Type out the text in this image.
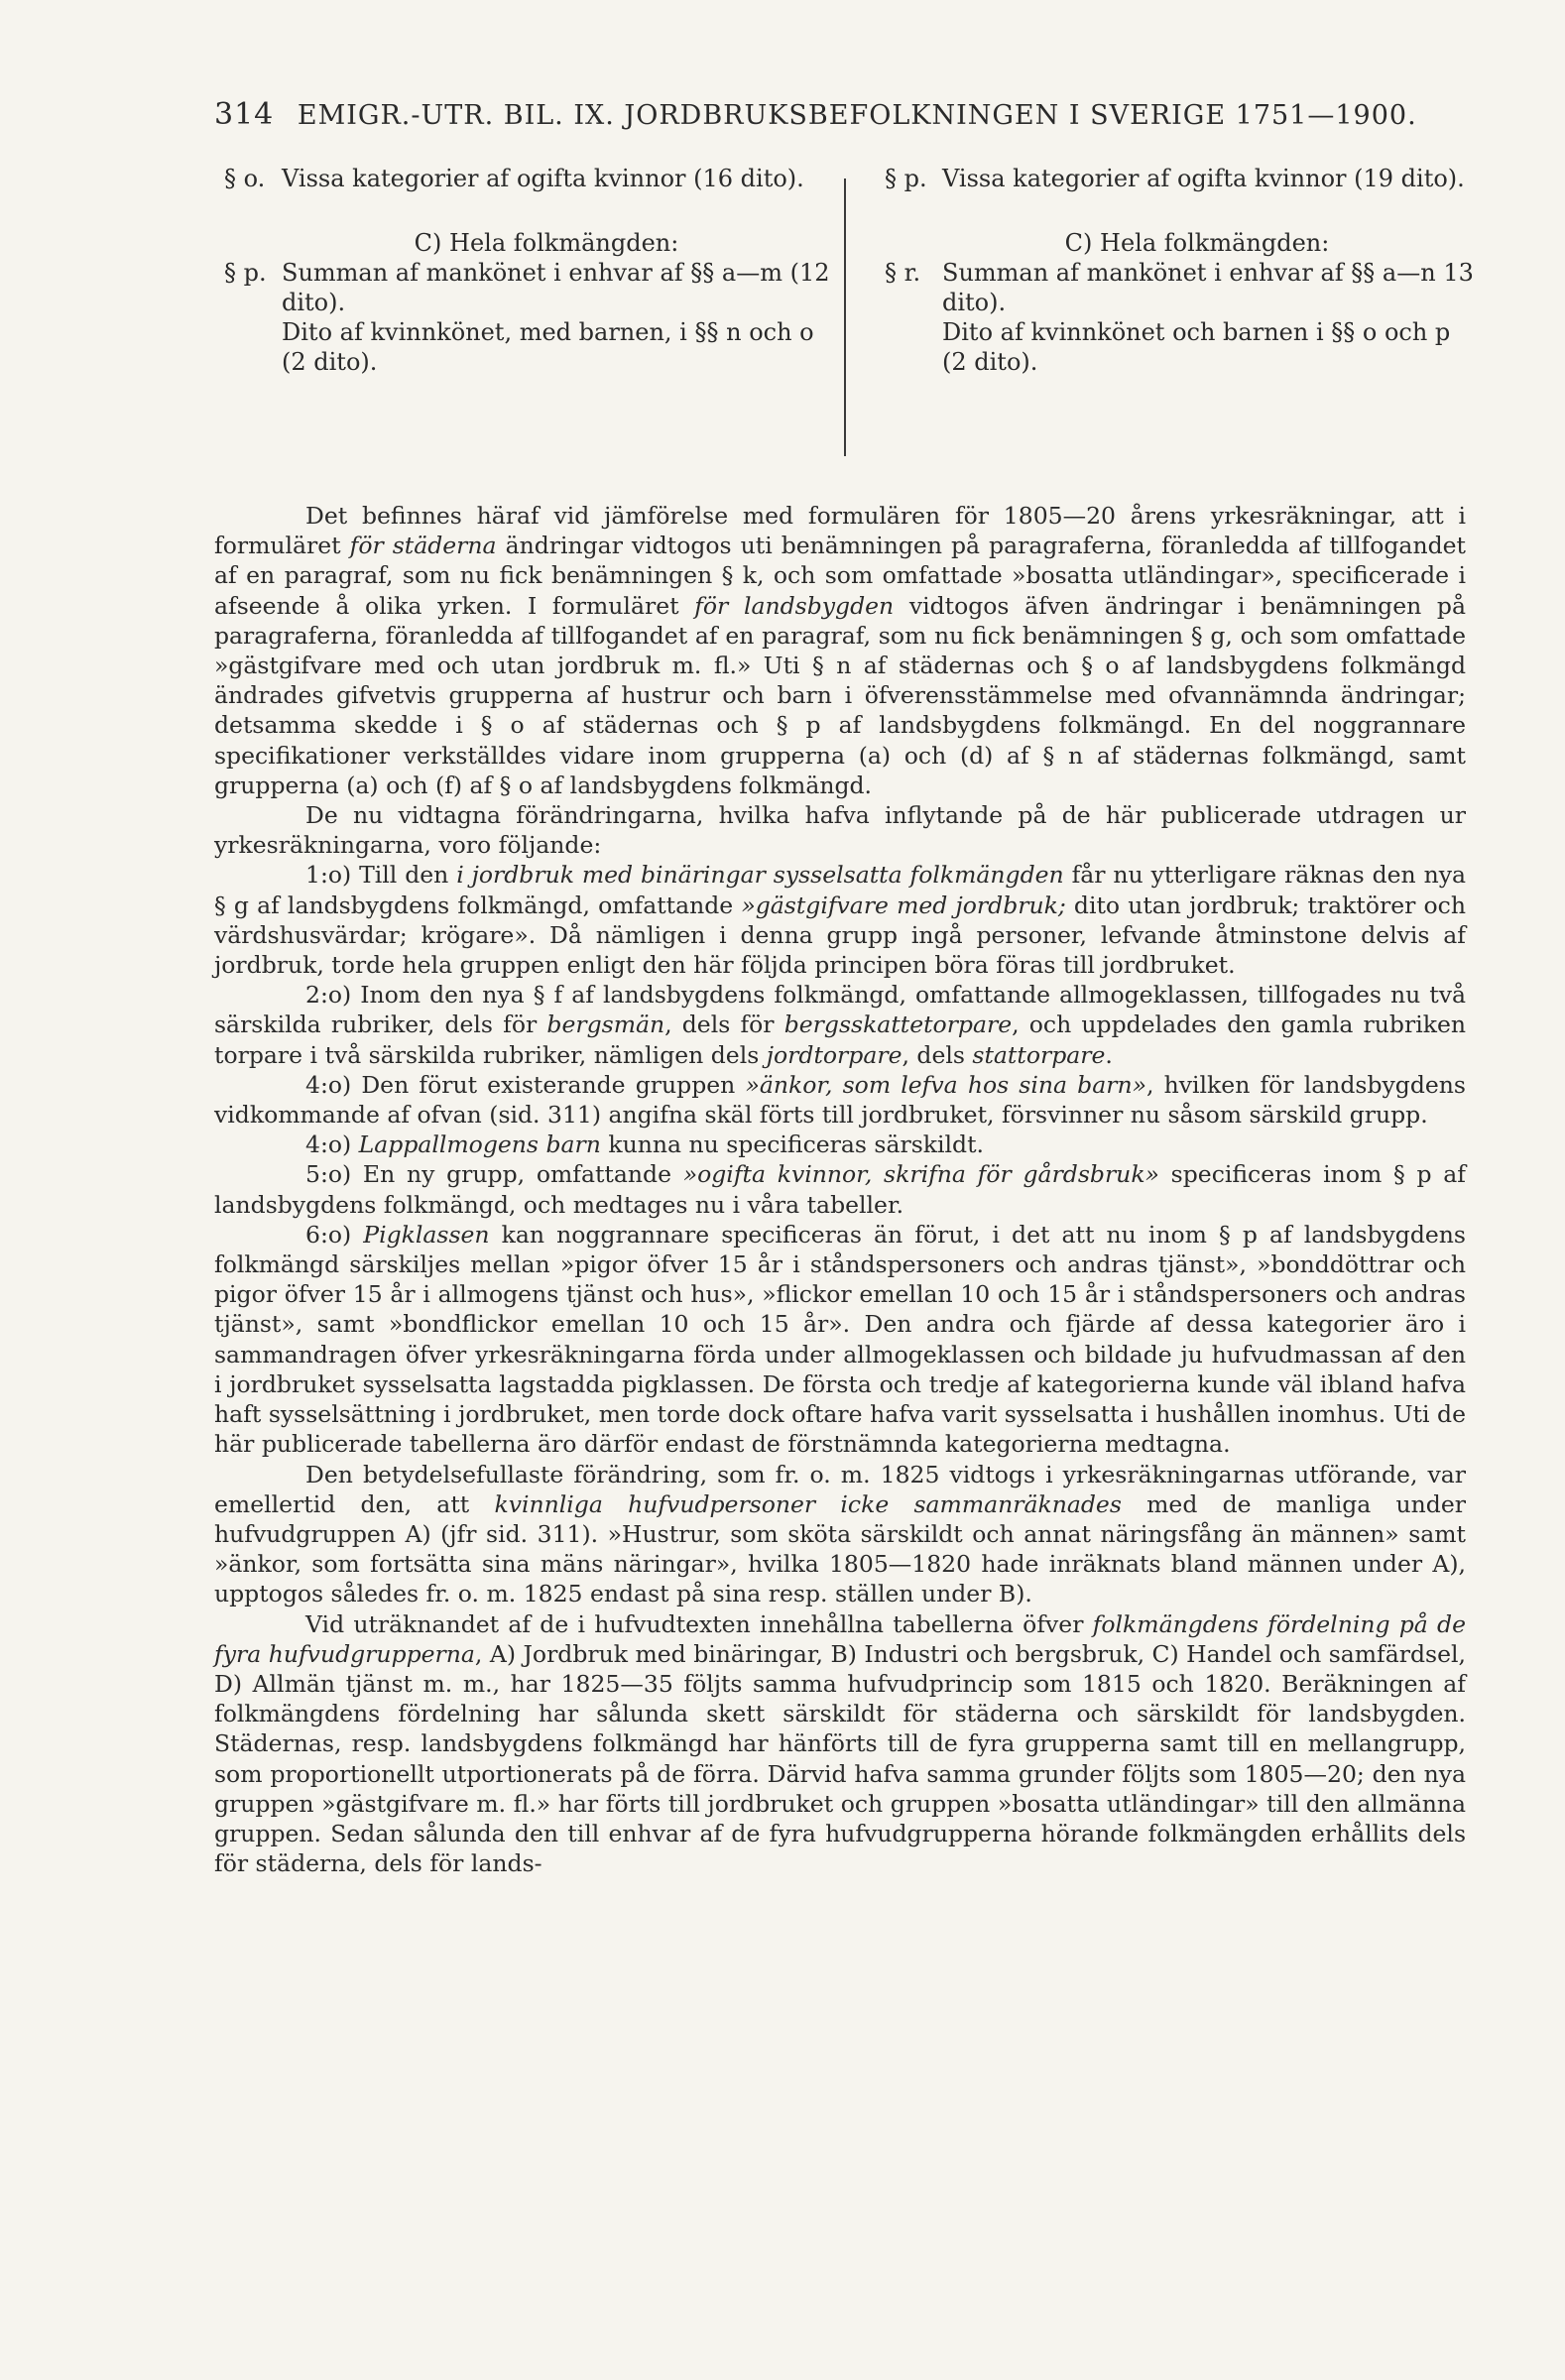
314 EMIGR.-UTR. BIL. IX. JORDBRUKSBEFOLKNINGEN I SVERIGE 1751—1900.
§ o. Vissa kategorier af ogifta kvinnor (16 dito).
C) Hela folkmängden:
§ p. Summan af mankönet i enhvar af §§ a—m (12 dito).
Dito af kvinnkönet, med barnen, i §§ n och o (2 dito).
§ p. Vissa kategorier af ogifta kvinnor (19 dito).
C) Hela folkmängden:
§ r. Summan af mankönet i enhvar af §§ a—n 13 dito).
Dito af kvinnkönet och barnen i §§ o och p (2 dito).

Det befinnes häraf vid jämförelse med formulären för 1805—20 årens yrkesräkningar, att i formuläret för städerna ändringar vidtogos uti benämningen på paragraferna, föranledda af tillfogandet af en paragraf, som nu fick benämningen § k, och som omfattade »bosatta utländingar», specificerade i afseende å olika yrken. I formuläret för landsbygden vidtogos äfven ändringar i benämningen på paragraferna, föranledda af tillfogandet af en paragraf, som nu fick benämningen § g, och som omfattade »gästgifvare med och utan jordbruk m. fl.» Uti § n af städernas och § o af landsbygdens folkmängd ändrades gifvetvis grupperna af hustrur och barn i öfverensstämmelse med ofvannämnda ändringar; detsamma skedde i § o af städernas och § p af landsbygdens folkmängd. En del noggrannare specifikationer verkställdes vidare inom grupperna (a) och (d) af § n af städernas folkmängd, samt grupperna (a) och (f) af § o af landsbygdens folkmängd.

De nu vidtagna förändringarna, hvilka hafva inflytande på de här publicerade utdragen ur yrkesräkningarna, voro följande:

1:o) Till den i jordbruk med binäringar sysselsatta folkmängden får nu ytterligare räknas den nya § g af landsbygdens folkmängd, omfattande »gästgifvare med jordbruk; dito utan jordbruk; traktörer och värdshusvärdar; krögare». Då nämligen i denna grupp ingå personer, lefvande åtminstone delvis af jordbruk, torde hela gruppen enligt den här följda principen böra föras till jordbruket.

2:o) Inom den nya § f af landsbygdens folkmängd, omfattande allmogeklassen, tillfogades nu två särskilda rubriker, dels för bergsmän, dels för bergsskattetorpare, och uppdelades den gamla rubriken torpare i två särskilda rubriker, nämligen dels jordtorpare, dels stattorpare.

4:o) Den förut existerande gruppen »änkor, som lefva hos sina barn», hvilken för landsbygdens vidkommande af ofvan (sid. 311) angifna skäl förts till jordbruket, försvinner nu såsom särskild grupp.

4:o) Lappallmogens barn kunna nu specificeras särskildt.

5:o) En ny grupp, omfattande »ogifta kvinnor, skrifna för gårdsbruk» specificeras inom § p af landsbygdens folkmängd, och medtages nu i våra tabeller.

6:o) Pigklassen kan noggrannare specificeras än förut, i det att nu inom § p af landsbygdens folkmängd särskiljes mellan »pigor öfver 15 år i ståndspersoners och andras tjänst», »bonddöttrar och pigor öfver 15 år i allmogens tjänst och hus», »flickor emellan 10 och 15 år i ståndspersoners och andras tjänst», samt »bondflickor emellan 10 och 15 år». Den andra och fjärde af dessa kategorier äro i sammandragen öfver yrkesräkningarna förda under allmogeklassen och bildade ju hufvudmassan af den i jordbruket sysselsatta lagstadda pigklassen. De första och tredje af kategorierna kunde väl ibland hafva haft sysselsättning i jordbruket, men torde dock oftare hafva varit sysselsatta i hushållen inomhus. Uti de här publicerade tabellerna äro därför endast de förstnämnda kategorierna medtagna.

Den betydelsefullaste förändring, som fr. o. m. 1825 vidtogs i yrkesräkningarnas utförande, var emellertid den, att kvinnliga hufvudpersoner icke sammanräknades med de manliga under hufvudgruppen A) (jfr sid. 311). »Hustrur, som sköta särskildt och annat näringsfång än männen» samt »änkor, som fortsätta sina mäns näringar», hvilka 1805—1820 hade inräknats bland männen under A), upptogos således fr. o. m. 1825 endast på sina resp. ställen under B).

Vid uträknandet af de i hufvudtexten innehållna tabellerna öfver folkmängdens fördelning på de fyra hufvudgrupperna, A) Jordbruk med binäringar, B) Industri och bergsbruk, C) Handel och samfärdsel, D) Allmän tjänst m. m., har 1825—35 följts samma hufvudprincip som 1815 och 1820. Beräkningen af folkmängdens fördelning har sålunda skett särskildt för städerna och särskildt för landsbygden. Städernas, resp. landsbygdens folkmängd har hänförts till de fyra grupperna samt till en mellangrupp, som proportionellt utportionerats på de förra. Därvid hafva samma grunder följts som 1805—20; den nya gruppen »gästgifvare m. fl.» har förts till jordbruket och gruppen »bosatta utländingar» till den allmänna gruppen. Sedan sålunda den till enhvar af de fyra hufvudgrupperna hörande folkmängden erhållits dels för städerna, dels för lands-
